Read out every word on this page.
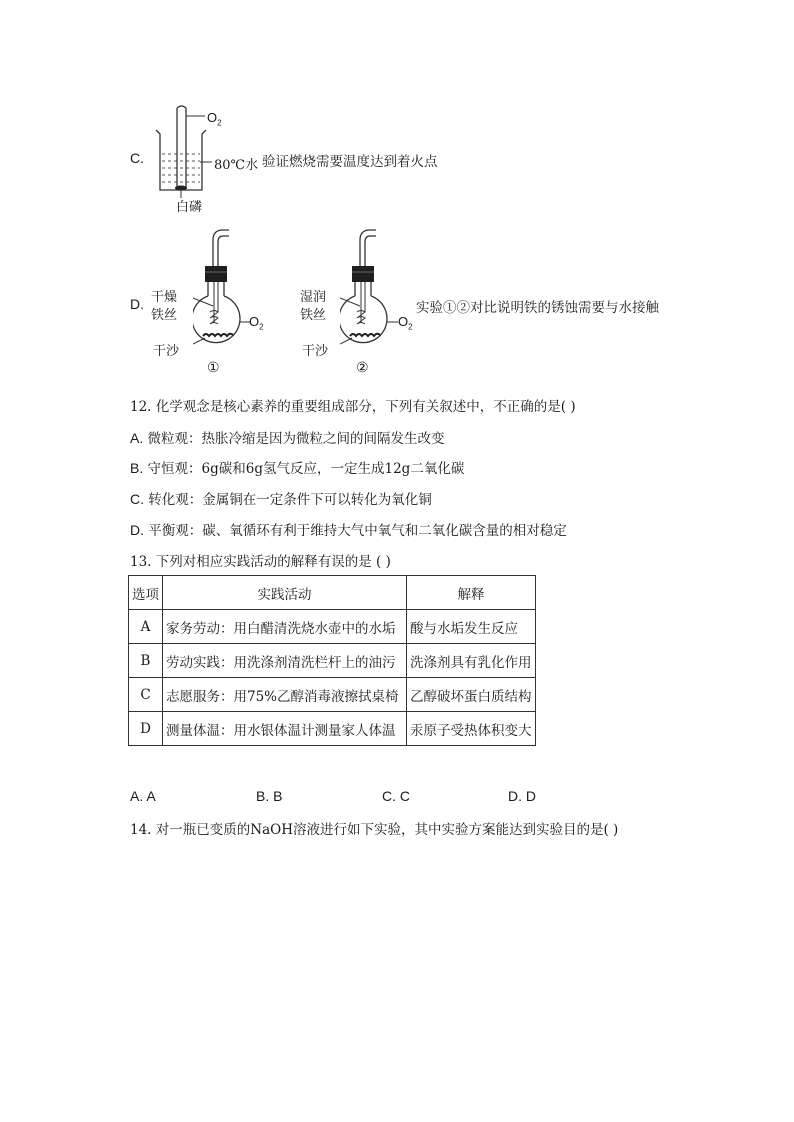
C.
$O_2$
80℃水
白磷
验证燃烧需要温度达到着火点
D. 干燥
铁丝
干沙
$O_2$
①
湿润
铁丝
干沙
$O_2$
②
实验①②对比说明铁的锈蚀需要与水接触
12. 化学观念是核心素养的重要组成部分，下列有关叙述中，不正确的是( )
A. 微粒观：热胀冷缩是因为微粒之间的间隔发生改变
B. 守恒观：6g碳和6g氢气反应，一定生成12g二氧化碳
C. 转化观：金属铜在一定条件下可以转化为氧化铜
D. 平衡观：碳、氧循环有利于维持大气中氧气和二氧化碳含量的相对稳定
13. 下列对相应实践活动的解释有误的是 ( )
选项	实践活动	解释
A	家务劳动：用白醋清洗烧水壶中的水垢	酸与水垢发生反应
B	劳动实践：用洗涤剂清洗栏杆上的油污	洗涤剂具有乳化作用
C	志愿服务：用75%乙醇消毒液擦拭桌椅	乙醇破坏蛋白质结构
D	测量体温：用水银体温计测量家人体温	汞原子受热体积变大
A. A	B. B	C. C	D. D
14. 对一瓶已变质的NaOH溶液进行如下实验，其中实验方案能达到实验目的是( )
